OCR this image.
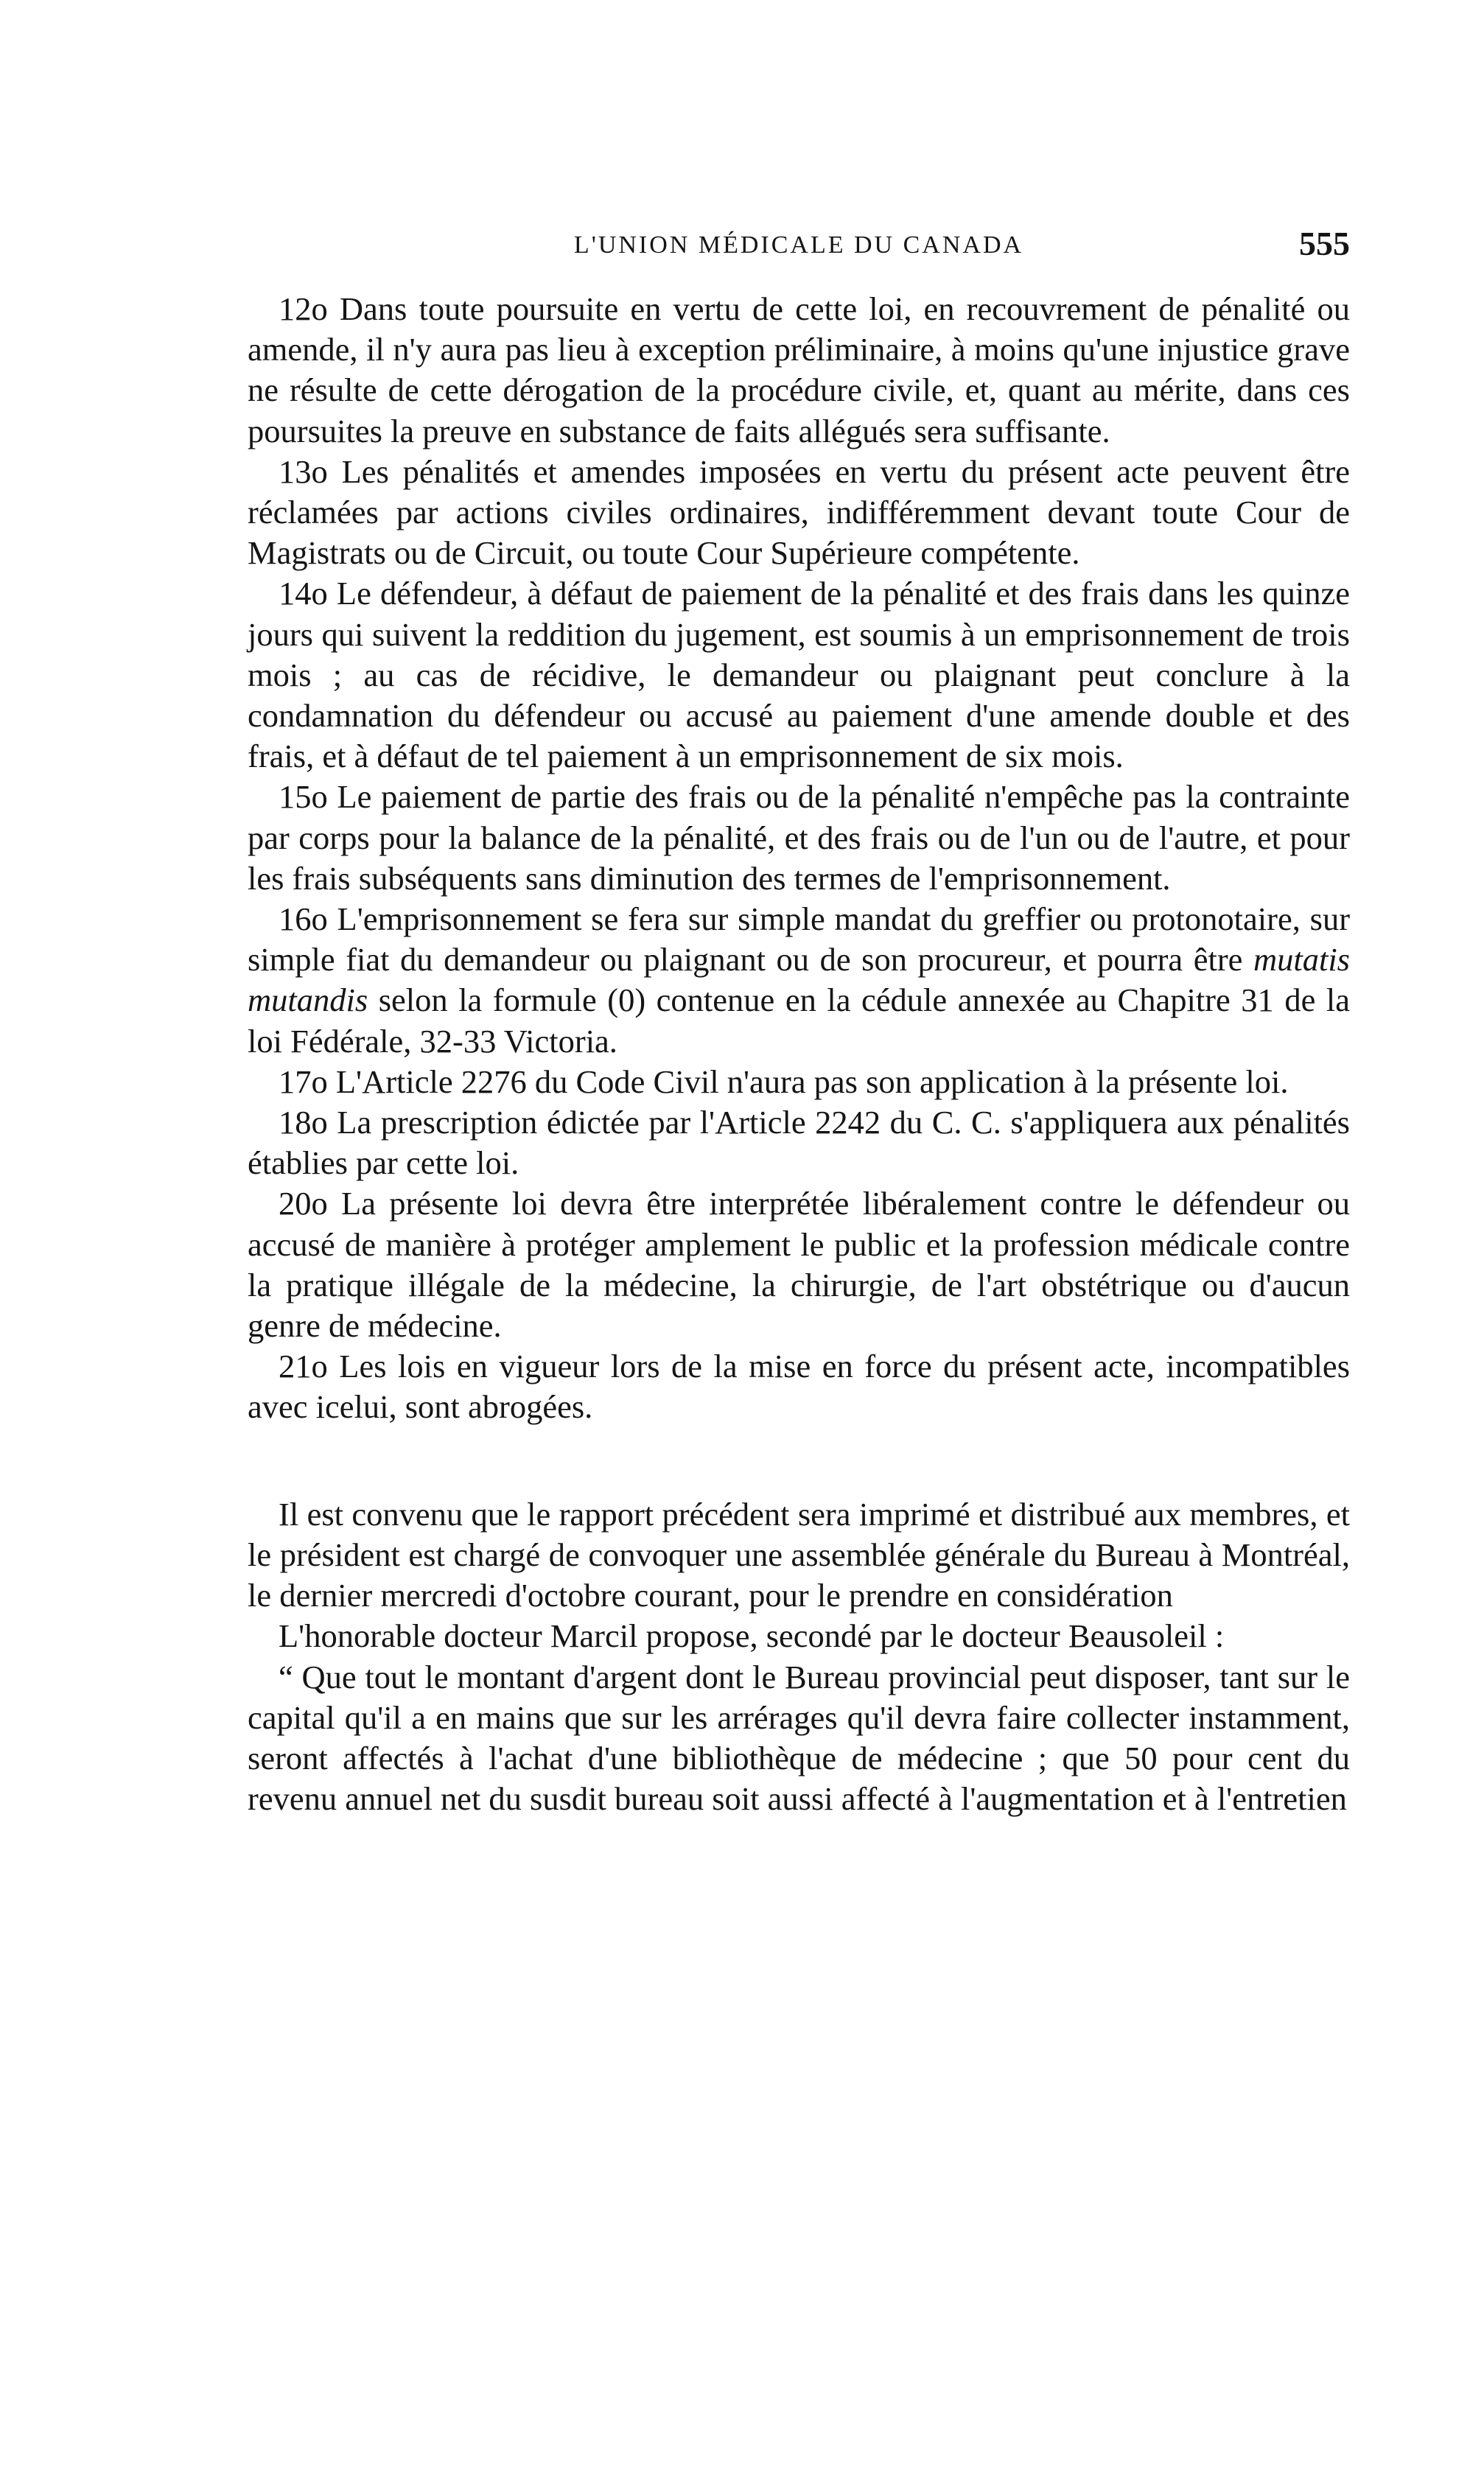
L'UNION MÉDICALE DU CANADA	555

12o Dans toute poursuite en vertu de cette loi, en recouvrement de pénalité ou amende, il n'y aura pas lieu à exception préliminaire, à moins qu'une injustice grave ne résulte de cette dérogation de la procédure civile, et, quant au mérite, dans ces poursuites la preuve en substance de faits allégués sera suffisante.

13o Les pénalités et amendes imposées en vertu du présent acte peuvent être réclamées par actions civiles ordinaires, indifféremment devant toute Cour de Magistrats ou de Circuit, ou toute Cour Supérieure compétente.

14o Le défendeur, à défaut de paiement de la pénalité et des frais dans les quinze jours qui suivent la reddition du jugement, est soumis à un emprisonnement de trois mois ; au cas de récidive, le demandeur ou plaignant peut conclure à la condamnation du défendeur ou accusé au paiement d'une amende double et des frais, et à défaut de tel paiement à un emprisonnement de six mois.

15o Le paiement de partie des frais ou de la pénalité n'empêche pas la contrainte par corps pour la balance de la pénalité, et des frais ou de l'un ou de l'autre, et pour les frais subséquents sans diminution des termes de l'emprisonnement.

16o L'emprisonnement se fera sur simple mandat du greffier ou protonotaire, sur simple fiat du demandeur ou plaignant ou de son procureur, et pourra être mutatis mutandis selon la formule (0) contenue en la cédule annexée au Chapitre 31 de la loi Fédérale, 32-33 Victoria.

17o L'Article 2276 du Code Civil n'aura pas son application à la présente loi.

18o La prescription édictée par l'Article 2242 du C. C. s'appliquera aux pénalités établies par cette loi.

20o La présente loi devra être interprétée libéralement contre le défendeur ou accusé de manière à protéger amplement le public et la profession médicale contre la pratique illégale de la médecine, la chirurgie, de l'art obstétrique ou d'aucun genre de médecine.

21o Les lois en vigueur lors de la mise en force du présent acte, incompatibles avec icelui, sont abrogées.

Il est convenu que le rapport précédent sera imprimé et distribué aux membres, et le président est chargé de convoquer une assemblée générale du Bureau à Montréal, le dernier mercredi d'octobre courant, pour le prendre en considération

L'honorable docteur Marcil propose, secondé par le docteur Beausoleil :

“ Que tout le montant d'argent dont le Bureau provincial peut disposer, tant sur le capital qu'il a en mains que sur les arrérages qu'il devra faire collecter instamment, seront affectés à l'achat d'une bibliothèque de médecine ; que 50 pour cent du revenu annuel net du susdit bureau soit aussi affecté à l'augmentation et à l'entretien
